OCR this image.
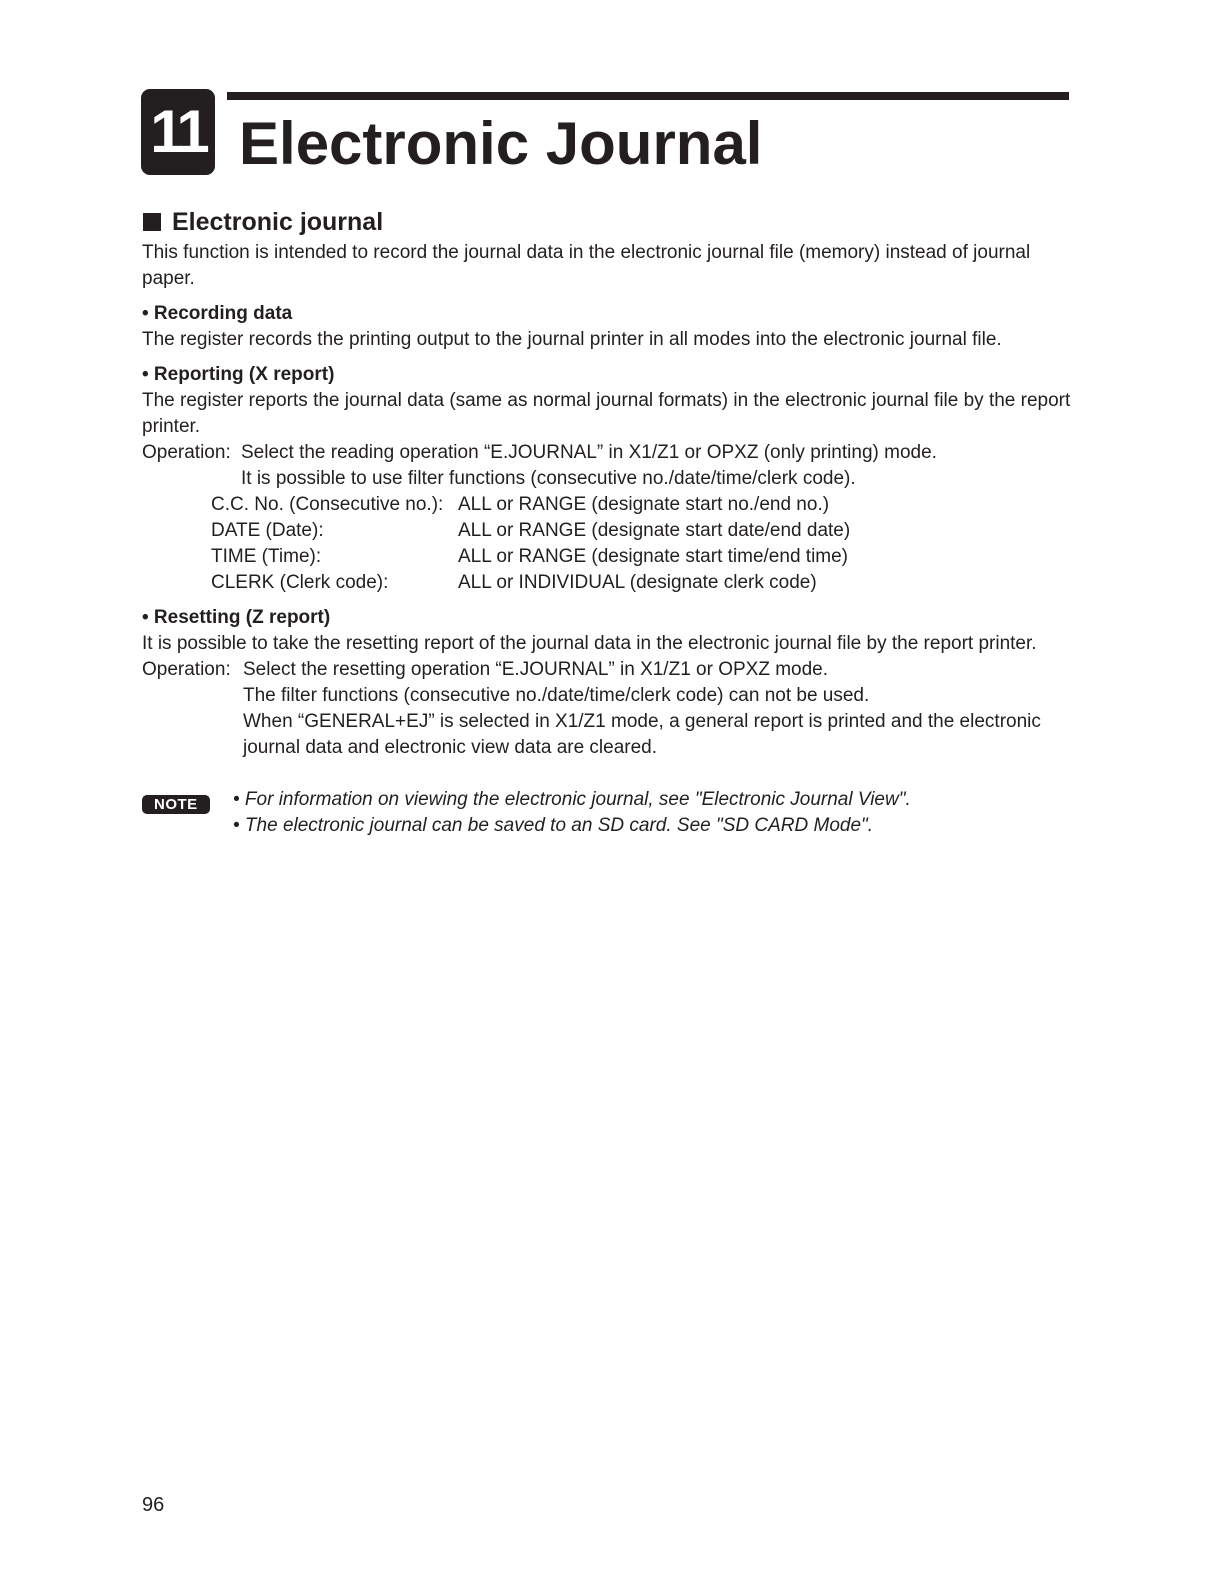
11 Electronic Journal
Electronic journal

This function is intended to record the journal data in the electronic journal file (memory) instead of journal paper.

• Recording data

The register records the printing output to the journal printer in all modes into the electronic journal file.

• Reporting (X report)

The register reports the journal data (same as normal journal formats) in the electronic journal file by the report printer.

Operation: Select the reading operation “E.JOURNAL” in X1/Z1 or OPXZ (only printing) mode.

It is possible to use filter functions (consecutive no./date/time/clerk code).

C.C. No. (Consecutive no.): ALL or RANGE (designate start no./end no.)
DATE (Date):	ALL or RANGE (designate start date/end date)
TIME (Time):	ALL or RANGE (designate start time/end time)
CLERK (Clerk code):	ALL or INDIVIDUAL (designate clerk code)

• Resetting (Z report)

It is possible to take the resetting report of the journal data in the electronic journal file by the report printer.

Operation: Select the resetting operation “E.JOURNAL” in X1/Z1 or OPXZ mode.

The filter functions (consecutive no./date/time/clerk code) can not be used.

When “GENERAL+EJ” is selected in X1/Z1 mode, a general report is printed and the electronic journal data and electronic view data are cleared.

NOTE	• For information on viewing the electronic journal, see "Electronic Journal View".

• The electronic journal can be saved to an SD card. See "SD CARD Mode".

96
